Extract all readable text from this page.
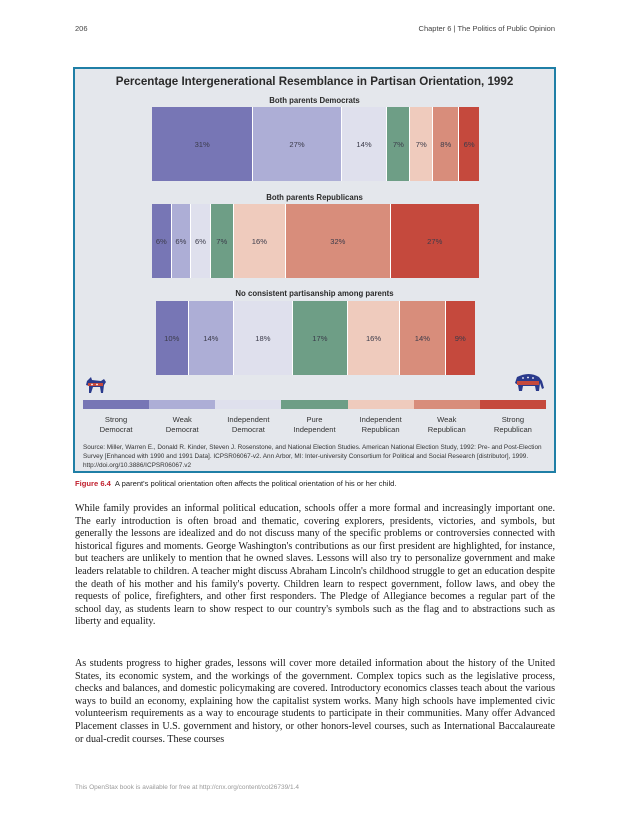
206	Chapter 6 | The Politics of Public Opinion
Percentage Intergenerational Resemblance in Partisan Orientation, 1992
Both parents Democrats
31%	27%	14%	7% 7% 8% 6%
Both parents Republicans
6% 6% 6% 7%	16%	32%	27%
No consistent partisanship among parents
10%	14%	18%	17%	16%	14%	9%
Strong
Democrat
Weak
Democrat
Independent
Democrat
Pure
Independent
Independent
Republican
Weak
Republican
Strong
Republican
Source: Miller, Warren E., Donald R. Kinder, Steven J. Rosenstone, and National Election Studies. American National Election Study, 1992: Pre- and Post-Election Survey [Enhanced with 1990 and 1991 Data]. ICPSR06067-v2. Ann Arbor, MI: Inter-university Consortium for Political and Social Research [distributor], 1999. http://doi.org/10.3886/ICPSR06067.v2
Figure 6.4 A parent's political orientation often affects the political orientation of his or her child.

While family provides an informal political education, schools offer a more formal and increasingly important one. The early introduction is often broad and thematic, covering explorers, presidents, victories, and symbols, but generally the lessons are idealized and do not discuss many of the specific problems or controversies connected with historical figures and moments. George Washington's contributions as our first president are highlighted, for instance, but teachers are unlikely to mention that he owned slaves. Lessons will also try to personalize government and make leaders relatable to children. A teacher might discuss Abraham Lincoln's childhood struggle to get an education despite the death of his mother and his family's poverty. Children learn to respect government, follow laws, and obey the requests of police, firefighters, and other first responders. The Pledge of Allegiance becomes a regular part of the school day, as students learn to show respect to our country's symbols such as the flag and to abstractions such as liberty and equality.

As students progress to higher grades, lessons will cover more detailed information about the history of the United States, its economic system, and the workings of the government. Complex topics such as the legislative process, checks and balances, and domestic policymaking are covered. Introductory economics classes teach about the various ways to build an economy, explaining how the capitalist system works. Many high schools have implemented civic volunteerism requirements as a way to encourage students to participate in their communities. Many offer Advanced Placement classes in U.S. government and history, or other honors-level courses, such as International Baccalaureate or dual-credit courses. These courses

This OpenStax book is available for free at http://cnx.org/content/col26739/1.4
